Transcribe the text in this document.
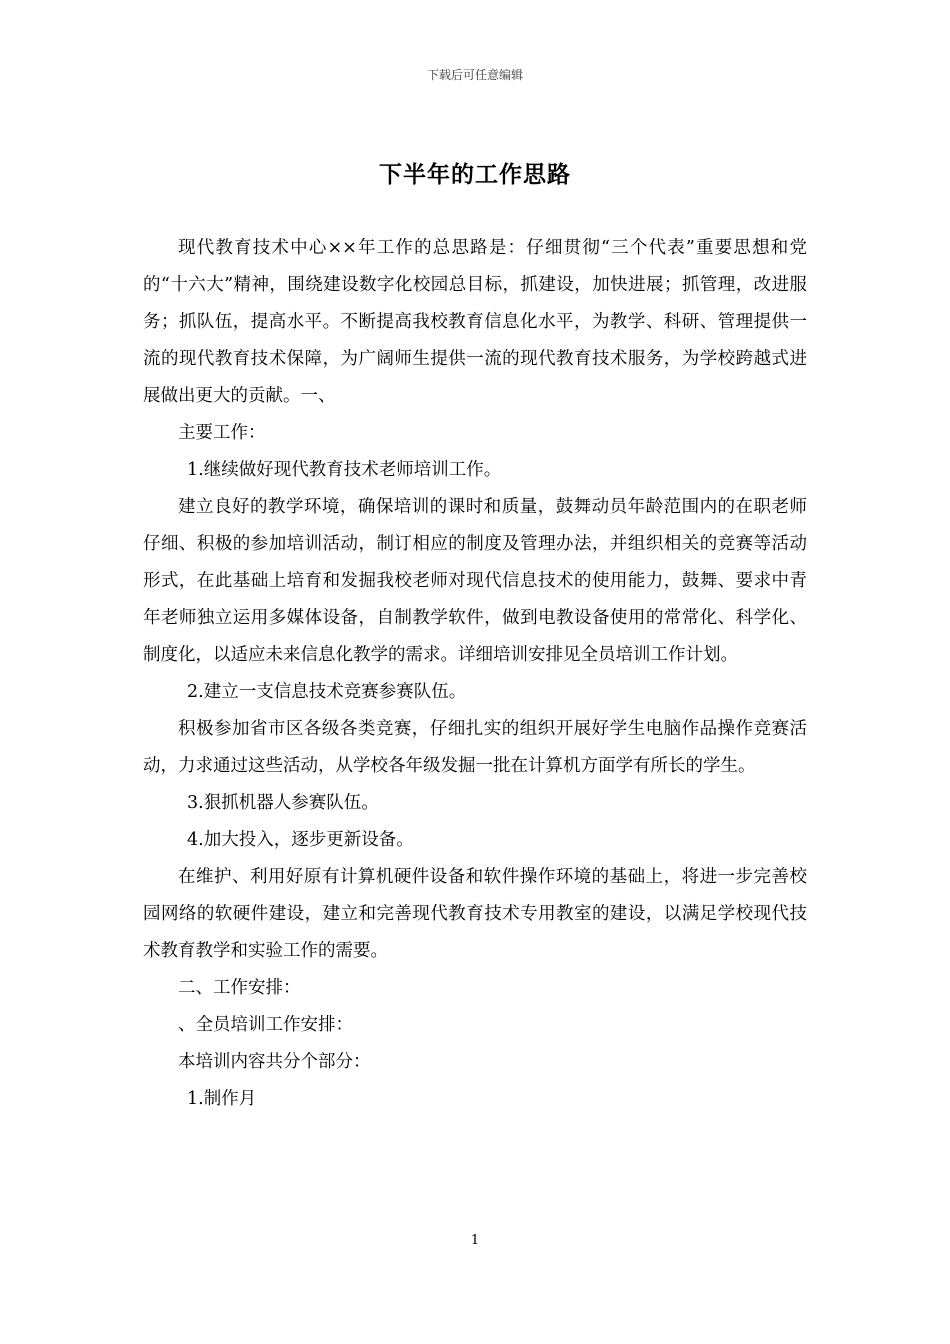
下载后可任意编辑
下半年的工作思路

现代教育技术中心××年工作的总思路是：仔细贯彻“三个代表”重要思想和党的“十六大”精神，围绕建设数字化校园总目标，抓建设，加快进展；抓管理，改进服务；抓队伍，提高水平。不断提高我校教育信息化水平，为教学、科研、管理提供一流的现代教育技术保障，为广阔师生提供一流的现代教育技术服务，为学校跨越式进展做出更大的贡献。一、

主要工作：

1.继续做好现代教育技术老师培训工作。

建立良好的教学环境，确保培训的课时和质量，鼓舞动员年龄范围内的在职老师仔细、积极的参加培训活动，制订相应的制度及管理办法，并组织相关的竞赛等活动形式，在此基础上培育和发掘我校老师对现代信息技术的使用能力，鼓舞、要求中青年老师独立运用多媒体设备，自制教学软件，做到电教设备使用的常常化、科学化、制度化，以适应未来信息化教学的需求。详细培训安排见全员培训工作计划。

2.建立一支信息技术竞赛参赛队伍。

积极参加省市区各级各类竞赛，仔细扎实的组织开展好学生电脑作品操作竞赛活动，力求通过这些活动，从学校各年级发掘一批在计算机方面学有所长的学生。

3.狠抓机器人参赛队伍。

4.加大投入，逐步更新设备。

在维护、利用好原有计算机硬件设备和软件操作环境的基础上，将进一步完善校园网络的软硬件建设，建立和完善现代教育技术专用教室的建设，以满足学校现代技术教育教学和实验工作的需要。

二、工作安排：

、全员培训工作安排：

本培训内容共分个部分：

1.制作月

1
